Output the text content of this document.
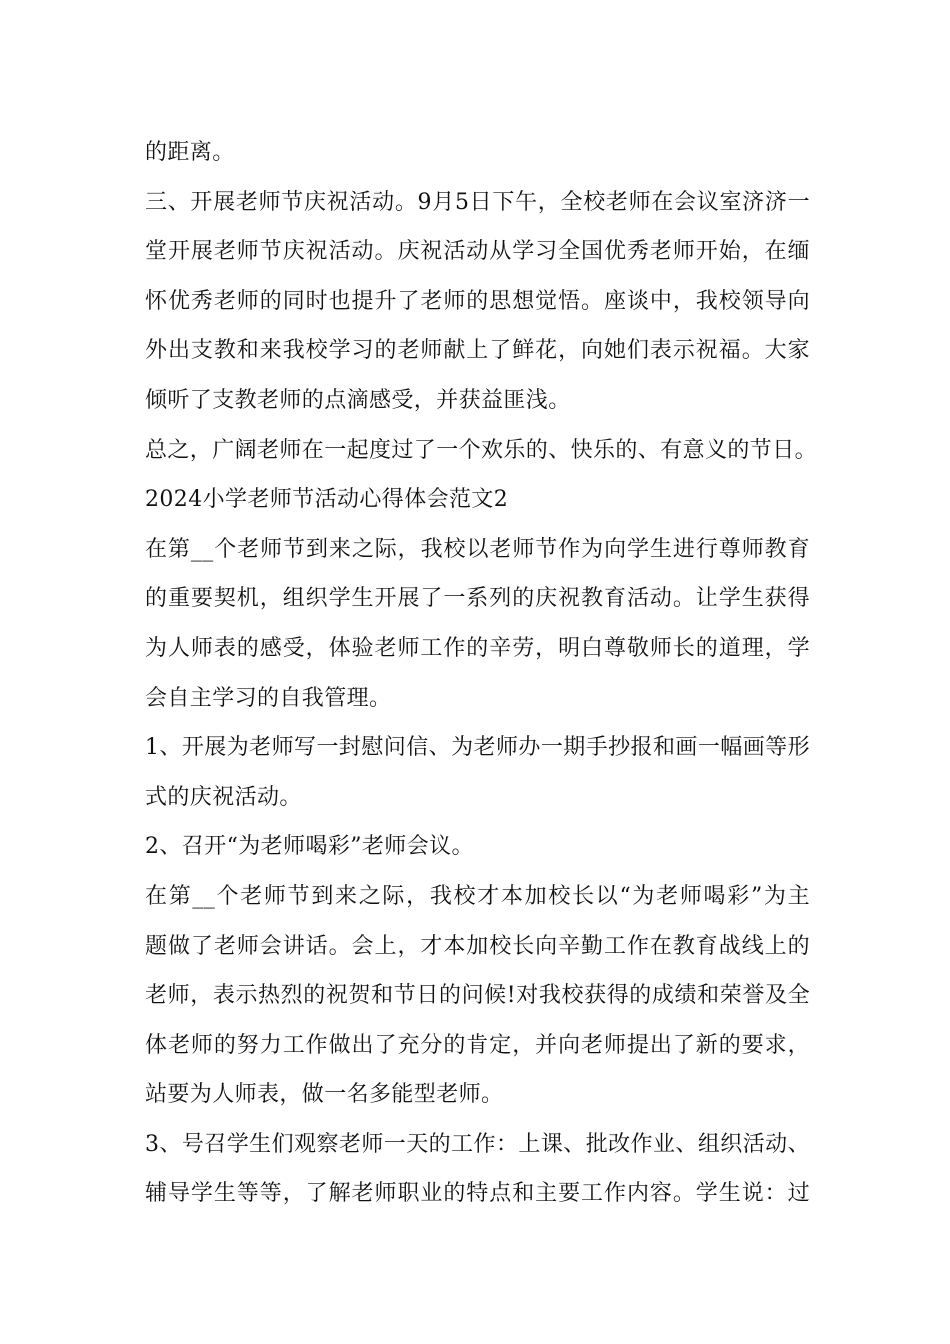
的距离。
三、开展老师节庆祝活动。9月5日下午，全校老师在会议室济济一
堂开展老师节庆祝活动。庆祝活动从学习全国优秀老师开始，在缅
怀优秀老师的同时也提升了老师的思想觉悟。座谈中，我校领导向
外出支教和来我校学习的老师献上了鲜花，向她们表示祝福。大家
倾听了支教老师的点滴感受，并获益匪浅。
总之，广阔老师在一起度过了一个欢乐的、快乐的、有意义的节日。
2024小学老师节活动心得体会范文2
在第__个老师节到来之际，我校以老师节作为向学生进行尊师教育
的重要契机，组织学生开展了一系列的庆祝教育活动。让学生获得
为人师表的感受，体验老师工作的辛劳，明白尊敬师长的道理，学
会自主学习的自我管理。
1、开展为老师写一封慰问信、为老师办一期手抄报和画一幅画等形
式的庆祝活动。
2、召开“为老师喝彩”老师会议。
在第__个老师节到来之际，我校才本加校长以“为老师喝彩”为主
题做了老师会讲话。会上，才本加校长向辛勤工作在教育战线上的
老师，表示热烈的祝贺和节日的问候!对我校获得的成绩和荣誉及全
体老师的努力工作做出了充分的肯定，并向老师提出了新的要求，
站要为人师表，做一名多能型老师。
3、号召学生们观察老师一天的工作：上课、批改作业、组织活动、
辅导学生等等，了解老师职业的特点和主要工作内容。学生说：过
